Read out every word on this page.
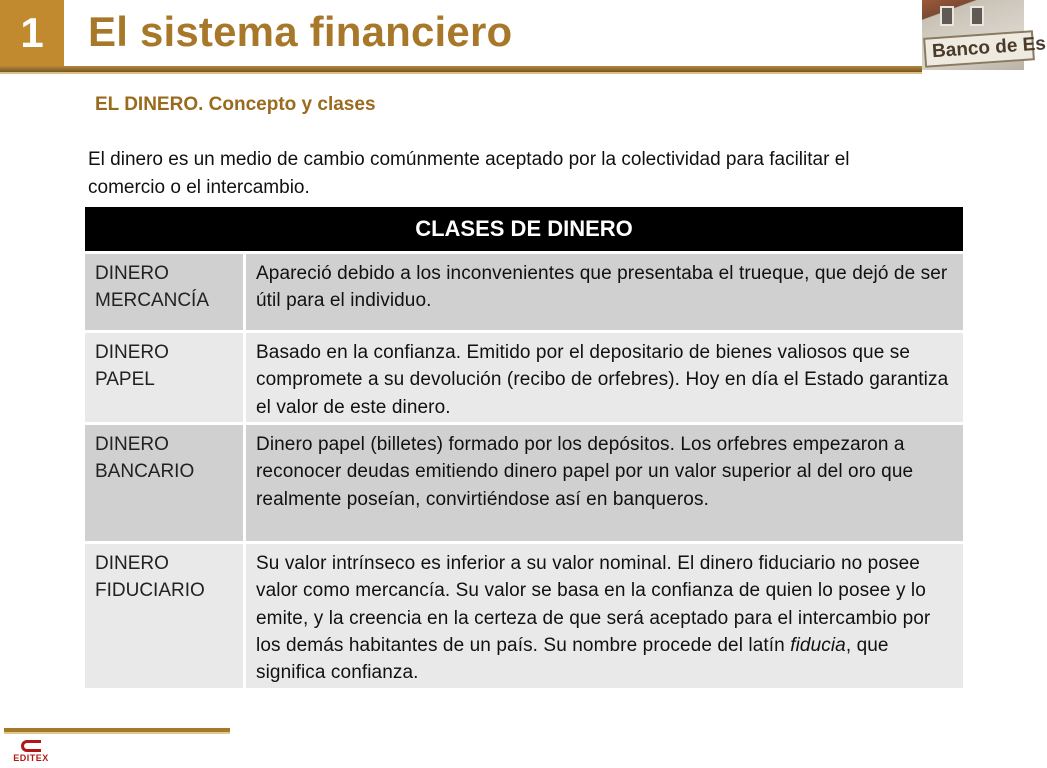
1 El sistema financiero	Banco de Es
EL DINERO. Concepto y clases
El dinero es un medio de cambio comúnmente aceptado por la colectividad para facilitar el comercio o el intercambio.
CLASES DE DINERO
DINERO
MERCANCÍA
Apareció debido a los inconvenientes que presentaba el trueque, que dejó de ser útil para el individuo.
DINERO
PAPEL
Basado en la confianza. Emitido por el depositario de bienes valiosos que se compromete a su devolución (recibo de orfebres). Hoy en día el Estado garantiza el valor de este dinero.
DINERO
BANCARIO
Dinero papel (billetes) formado por los depósitos. Los orfebres empezaron a reconocer deudas emitiendo dinero papel por un valor superior al del oro que realmente poseían, convirtiéndose así en banqueros.
DINERO
FIDUCIARIO
Su valor intrínseco es inferior a su valor nominal. El dinero fiduciario no posee valor como mercancía. Su valor se basa en la confianza de quien lo posee y lo emite, y la creencia en la certeza de que será aceptado para el intercambio por los demás habitantes de un país. Su nombre procede del latín fiducia, que significa confianza.
EDITEX
